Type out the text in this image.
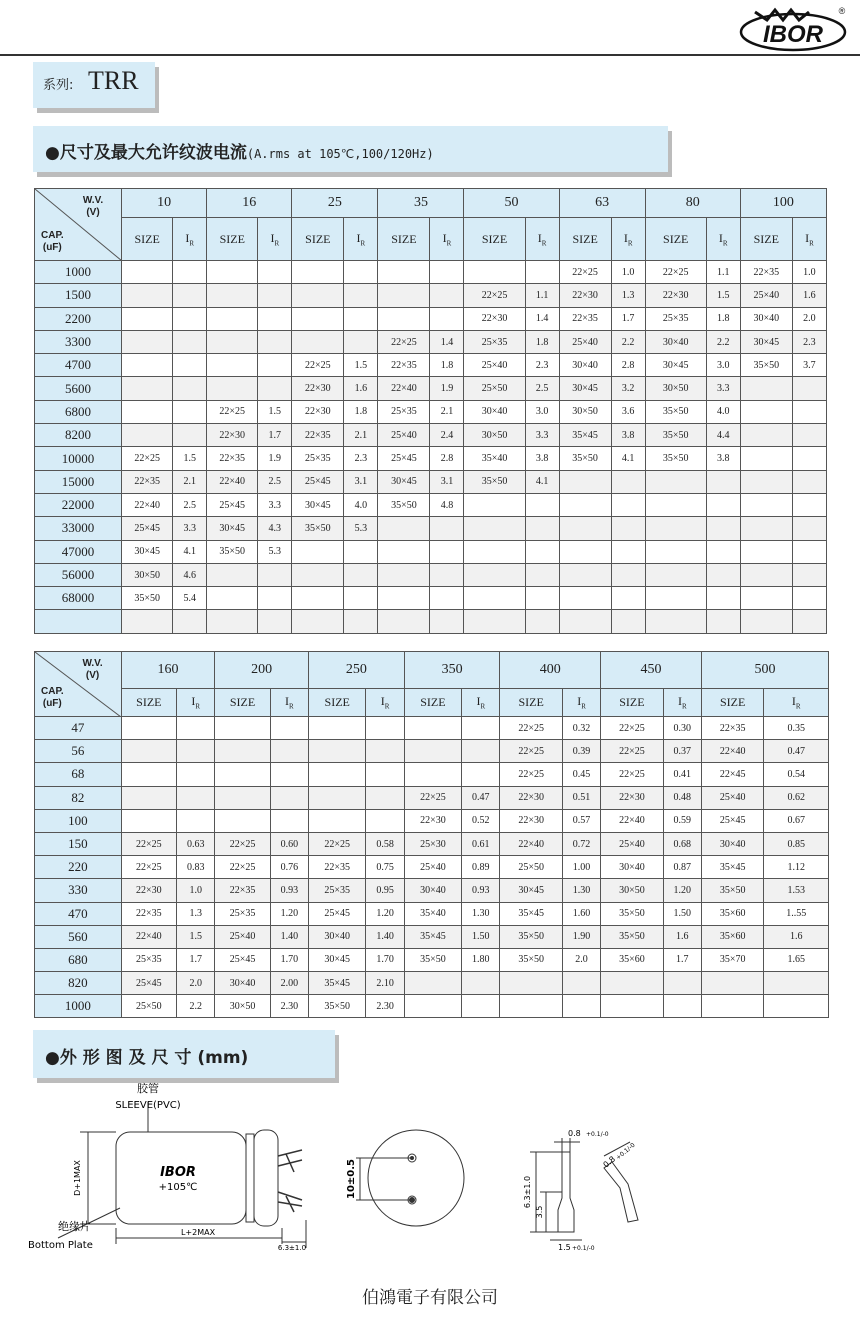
IBOR
®
系列: TRR
●尺寸及最大允许纹波电流(A.rms at 105℃,100/120Hz)
W.V.
(V)
CAP.
(uF)	10		16		25		35		50		63		80		100	
	SIZE	$I_R$	SIZE	$I_R$	SIZE	$I_R$	SIZE	$I_R$	SIZE	$I_R$	SIZE	$I_R$	SIZE	$I_R$	SIZE	$I_R$
1000											22×25	1.0	22×25	1.1	22×35	1.0
1500									22×25	1.1	22×30	1.3	22×30	1.5	25×40	1.6
2200									22×30	1.4	22×35	1.7	25×35	1.8	30×40	2.0
3300							22×25	1.4	25×35	1.8	25×40	2.2	30×40	2.2	30×45	2.3
4700					22×25	1.5	22×35	1.8	25×40	2.3	30×40	2.8	30×45	3.0	35×50	3.7
5600					22×30	1.6	22×40	1.9	25×50	2.5	30×45	3.2	30×50	3.3		
6800			22×25	1.5	22×30	1.8	25×35	2.1	30×40	3.0	30×50	3.6	35×50	4.0		
8200			22×30	1.7	22×35	2.1	25×40	2.4	30×50	3.3	35×45	3.8	35×50	4.4		
10000	22×25	1.5	22×35	1.9	25×35	2.3	25×45	2.8	35×40	3.8	35×50	4.1	35×50	3.8		
15000	22×35	2.1	22×40	2.5	25×45	3.1	30×45	3.1	35×50	4.1						
22000	22×40	2.5	25×45	3.3	30×45	4.0	35×50	4.8								
33000	25×45	3.3	30×45	4.3	35×50	5.3										
47000	30×45	4.1	35×50	5.3												
56000	30×50	4.6														
68000	35×50	5.4														

W.V.
(V)
CAP.
(uF)	160		200		250		350		400		450		500	
	SIZE	$I_R$	SIZE	$I_R$	SIZE	$I_R$	SIZE	$I_R$	SIZE	$I_R$	SIZE	$I_R$	SIZE	$I_R$
47									22×25	0.32	22×25	0.30	22×35	0.35
56									22×25	0.39	22×25	0.37	22×40	0.47
68									22×25	0.45	22×25	0.41	22×45	0.54
82							22×25	0.47	22×30	0.51	22×30	0.48	25×40	0.62
100							22×30	0.52	22×30	0.57	22×40	0.59	25×45	0.67
150	22×25	0.63	22×25	0.60	22×25	0.58	25×30	0.61	22×40	0.72	25×40	0.68	30×40	0.85
220	22×25	0.83	22×25	0.76	22×35	0.75	25×40	0.89	25×50	1.00	30×40	0.87	35×45	1.12
330	22×30	1.0	22×35	0.93	25×35	0.95	30×40	0.93	30×45	1.30	30×50	1.20	35×50	1.53
470	22×35	1.3	25×35	1.20	25×45	1.20	35×40	1.30	35×45	1.60	35×50	1.50	35×60	1..55
560	22×40	1.5	25×40	1.40	30×40	1.40	35×45	1.50	35×50	1.90	35×50	1.6	35×60	1.6
680	25×35	1.7	25×45	1.70	30×45	1.70	35×50	1.80	35×50	2.0	35×60	1.7	35×70	1.65
820	25×45	2.0	30×40	2.00	35×45	2.10								
1000	25×50	2.2	30×50	2.30	35×50	2.30								
●外 形 图 及 尺 寸 (mm)
胶管
SLEEVE(PVC)
绝缘片
Bottom Plate
IBOR
+105℃
D+1MAX
L+2MAX
6.3±1.0
10±0.5
0.8 +0.1/-0
6.3±1.0
3.5
1.5 +0.1/-0
0.8
+0.1/-0
伯鴻電子有限公司
